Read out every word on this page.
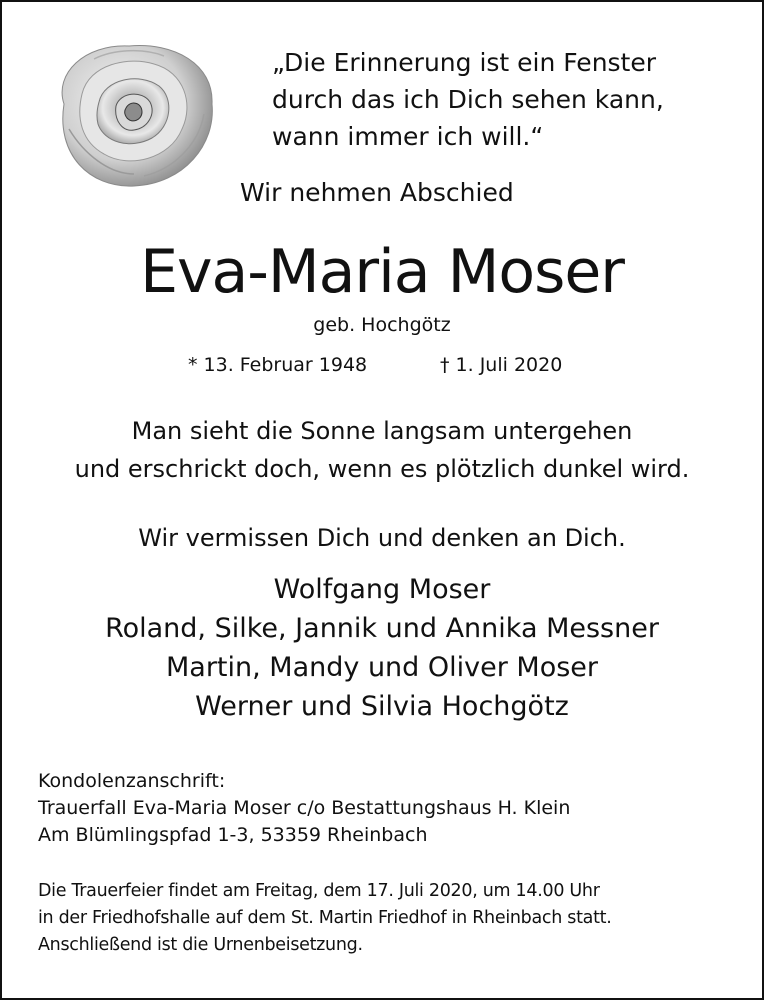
„Die Erinnerung ist ein Fenster
durch das ich Dich sehen kann,
wann immer ich will.“
Wir nehmen Abschied
Eva-Maria Moser
geb. Hochgötz
* 13. Februar 1948	† 1. Juli 2020
Man sieht die Sonne langsam untergehen
und erschrickt doch, wenn es plötzlich dunkel wird.
Wir vermissen Dich und denken an Dich.
Wolfgang Moser
Roland, Silke, Jannik und Annika Messner
Martin, Mandy und Oliver Moser
Werner und Silvia Hochgötz
Kondolenzanschrift:
Trauerfall Eva-Maria Moser c/o Bestattungshaus H. Klein
Am Blümlingspfad 1-3, 53359 Rheinbach
Die Trauerfeier findet am Freitag, dem 17. Juli 2020, um 14.00 Uhr
in der Friedhofshalle auf dem St. Martin Friedhof in Rheinbach statt.
Anschließend ist die Urnenbeisetzung.
